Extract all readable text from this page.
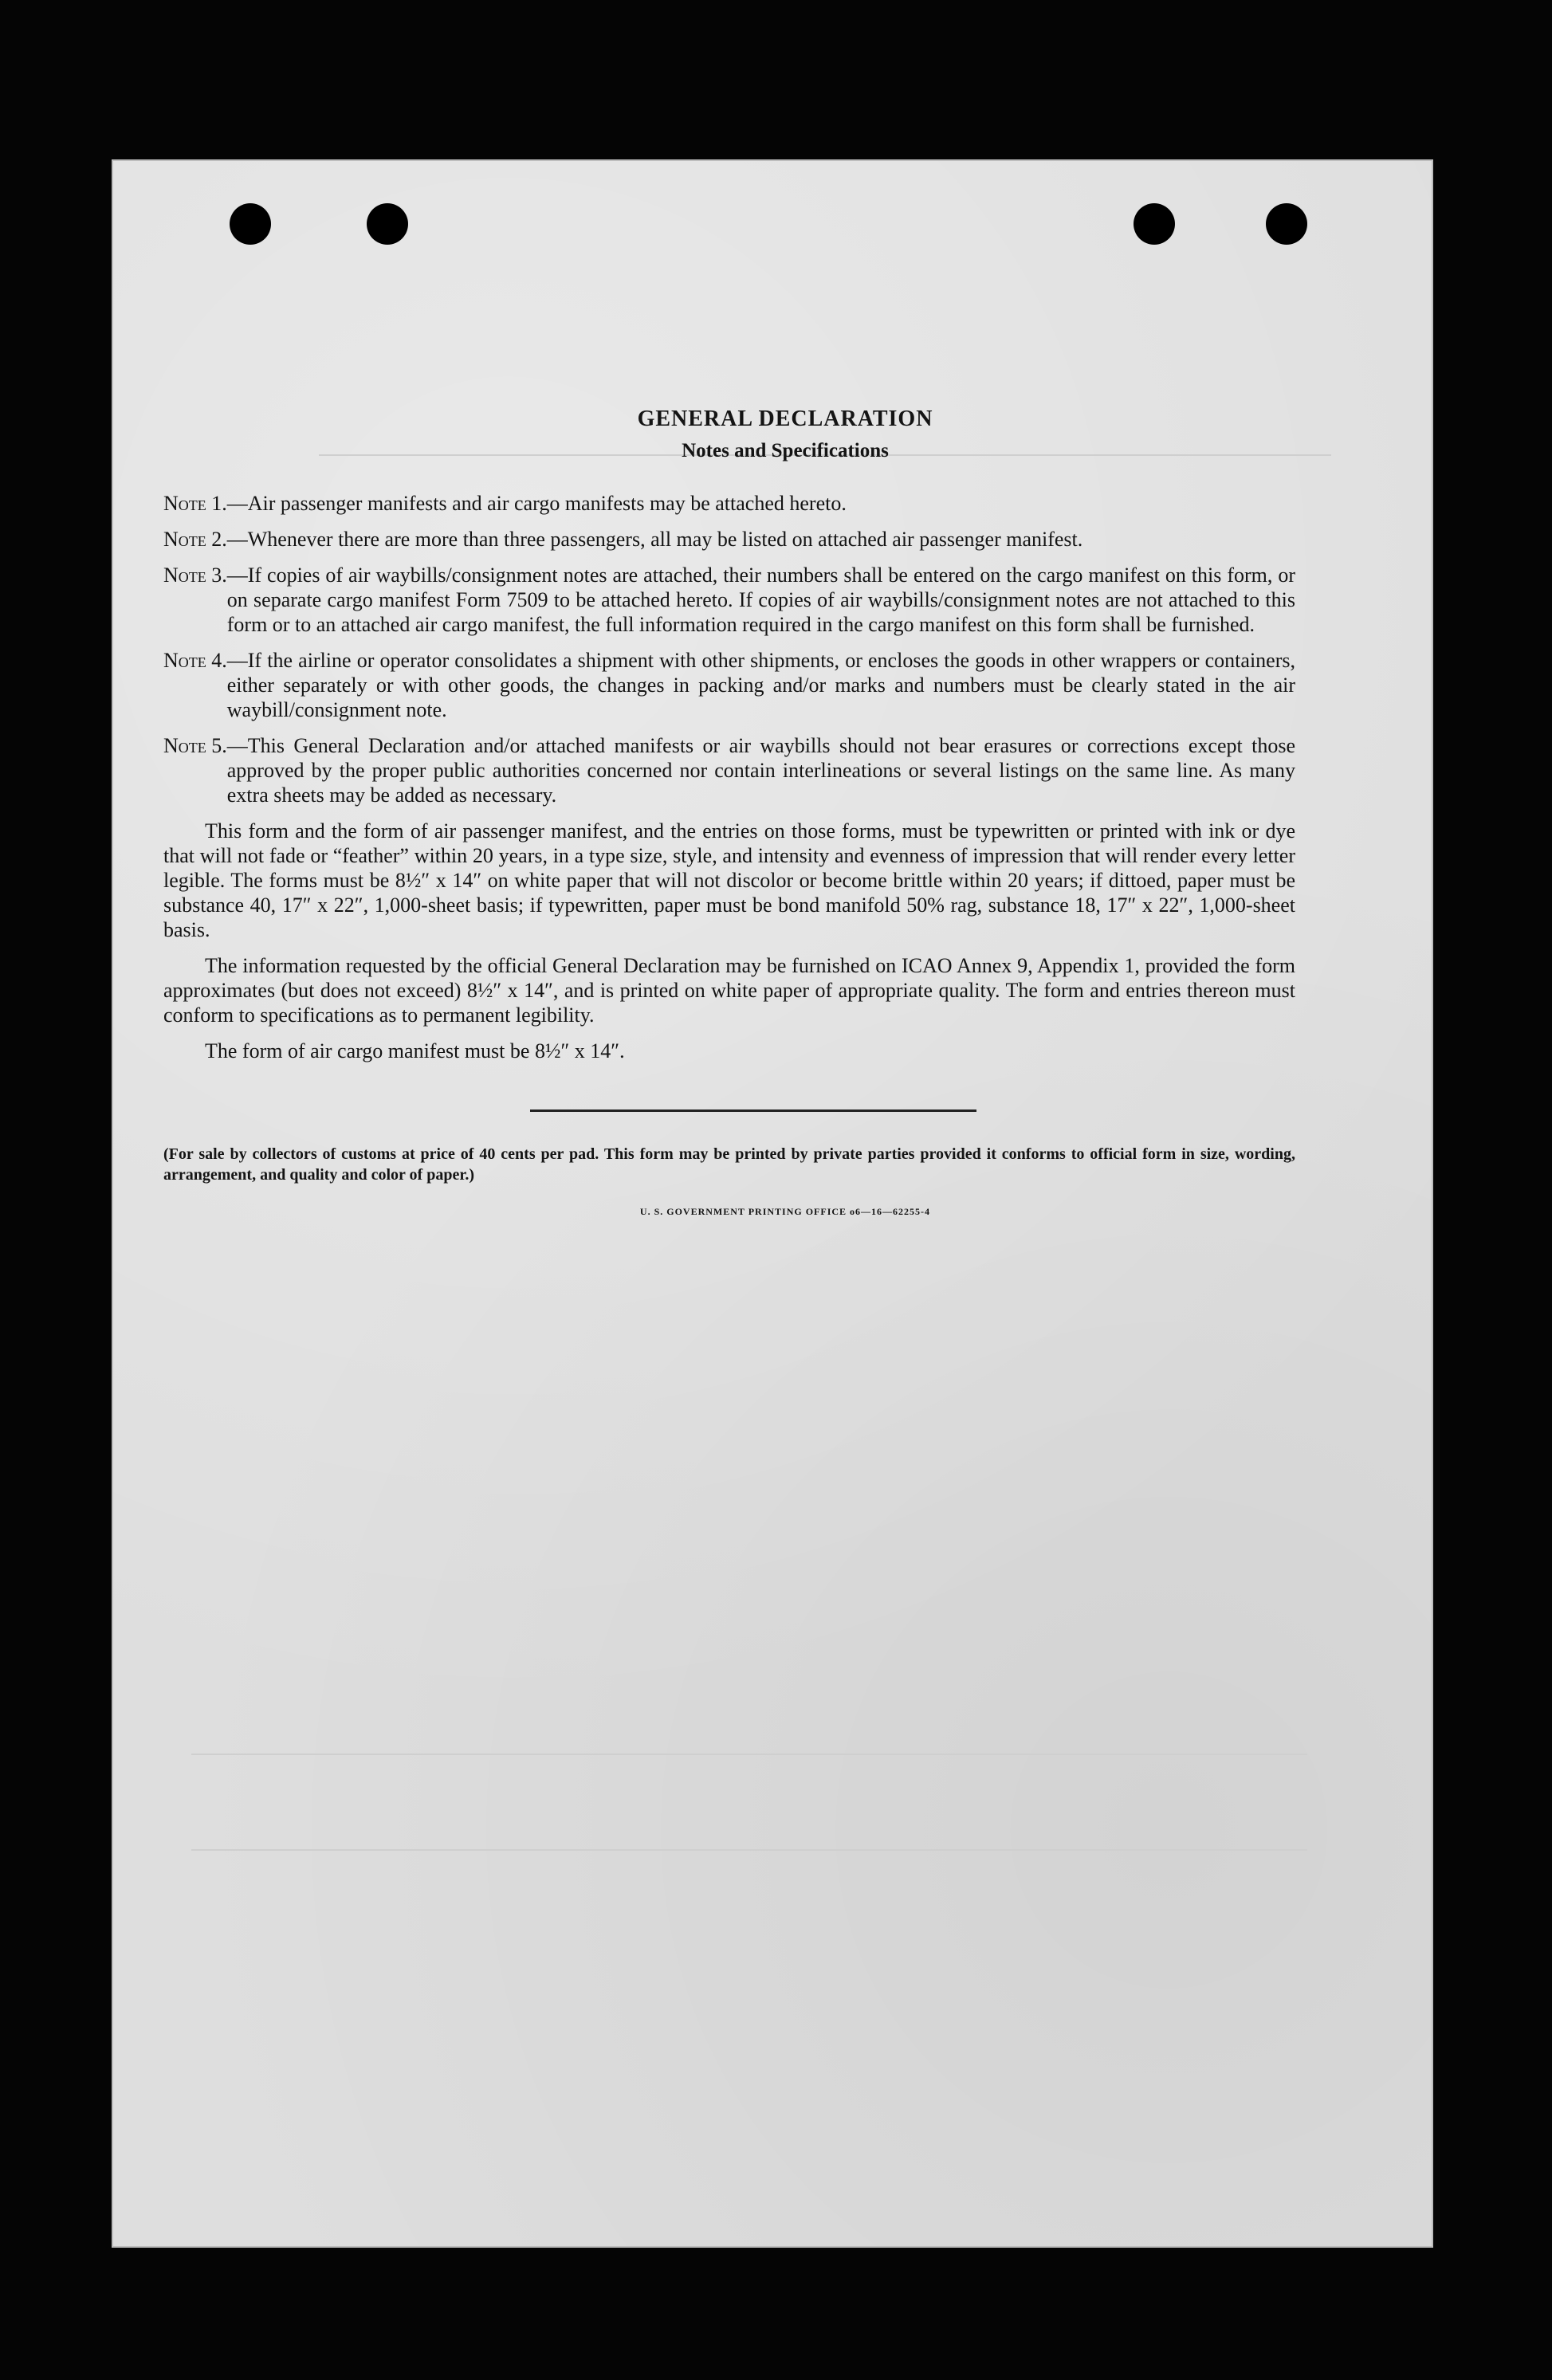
GENERAL DECLARATION
Notes and Specifications
Note 1. —Air passenger manifests and air cargo manifests may be attached hereto.
Note 2. —Whenever there are more than three passengers, all may be listed on attached air passenger manifest.
Note 3. —If copies of air waybills/consignment notes are attached, their numbers shall be entered on the cargo manifest on this form, or on separate cargo manifest Form 7509 to be attached hereto. If copies of air waybills/consignment notes are not attached to this form or to an attached air cargo manifest, the full information required in the cargo manifest on this form shall be furnished.
Note 4. —If the airline or operator consolidates a shipment with other shipments, or encloses the goods in other wrappers or containers, either separately or with other goods, the changes in packing and/or marks and numbers must be clearly stated in the air waybill/consignment note.
Note 5. —This General Declaration and/or attached manifests or air waybills should not bear erasures or corrections except those approved by the proper public authorities concerned nor contain interlineations or several listings on the same line. As many extra sheets may be added as necessary.

This form and the form of air passenger manifest, and the entries on those forms, must be typewritten or printed with ink or dye that will not fade or “feather” within 20 years, in a type size, style, and intensity and evenness of impression that will render every letter legible. The forms must be 8½″ x 14″ on white paper that will not discolor or become brittle within 20 years; if dittoed, paper must be substance 40, 17″ x 22″, 1,000-sheet basis; if typewritten, paper must be bond manifold 50% rag, substance 18, 17″ x 22″, 1,000-sheet basis.

The information requested by the official General Declaration may be furnished on ICAO Annex 9, Appendix 1, provided the form approximates (but does not exceed) 8½″ x 14″, and is printed on white paper of appropriate quality. The form and entries thereon must conform to specifications as to permanent legibility.

The form of air cargo manifest must be 8½″ x 14″.

(For sale by collectors of customs at price of 40 cents per pad. This form may be printed by private parties provided it conforms to official form in size, wording, arrangement, and quality and color of paper.)

U. S. GOVERNMENT PRINTING OFFICE o6—16—62255-4
